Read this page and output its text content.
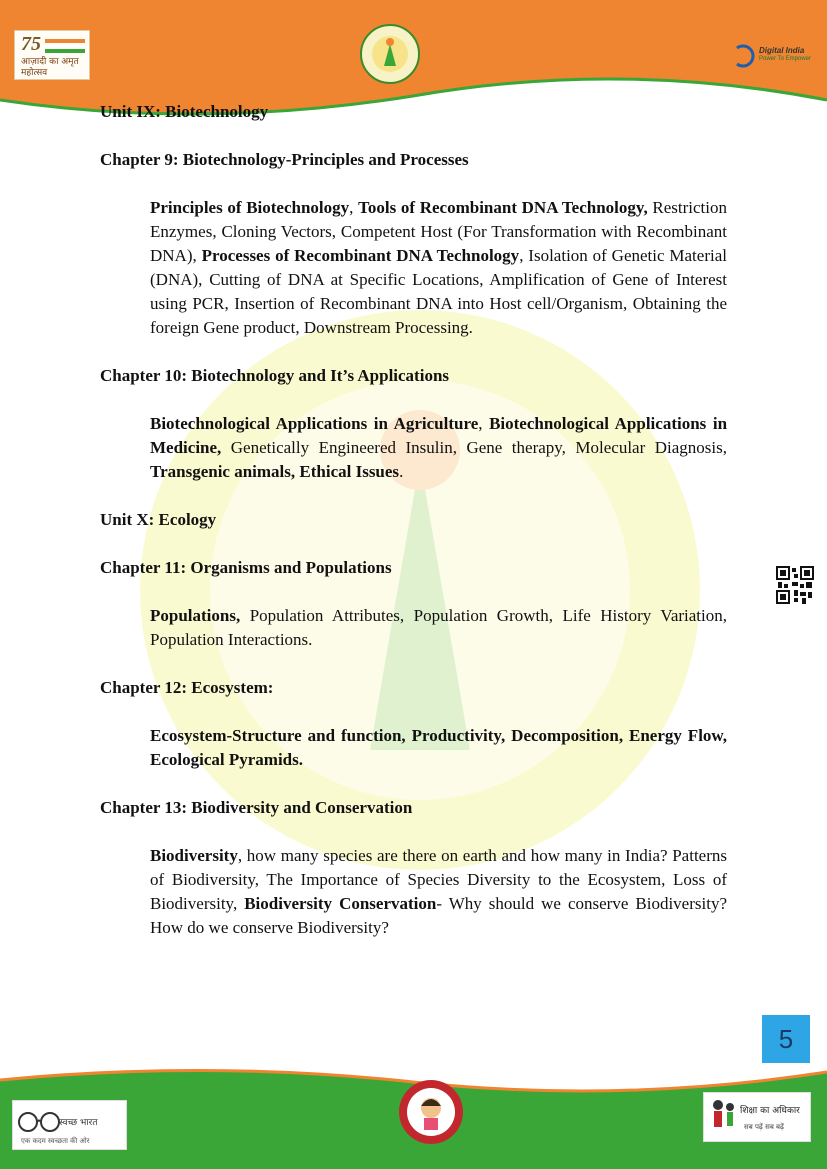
75
आज़ादी का अमृत महोत्सव
Digital India
Power To Empower

Unit IX: Biotechnology

Chapter 9: Biotechnology-Principles and Processes

Principles of Biotechnology, Tools of Recombinant DNA Technology, Restriction Enzymes, Cloning Vectors, Competent Host (For Transformation with Recombinant DNA), Processes of Recombinant DNA Technology, Isolation of Genetic Material (DNA), Cutting of DNA at Specific Locations, Amplification of Gene of Interest using PCR, Insertion of Recombinant DNA into Host cell/Organism, Obtaining the foreign Gene product, Downstream Processing.

Chapter 10: Biotechnology and It’s Applications

Biotechnological Applications in Agriculture, Biotechnological Applications in Medicine, Genetically Engineered Insulin, Gene therapy, Molecular Diagnosis, Transgenic animals, Ethical Issues.

Unit X: Ecology

Chapter 11: Organisms and Populations

Populations, Population Attributes, Population Growth, Life History Variation, Population Interactions.

Chapter 12: Ecosystem:

Ecosystem-Structure and function, Productivity, Decomposition, Energy Flow, Ecological Pyramids.

Chapter 13: Biodiversity and Conservation

Biodiversity, how many species are there on earth and how many in India? Patterns of Biodiversity, The Importance of Species Diversity to the Ecosystem, Loss of Biodiversity, Biodiversity Conservation- Why should we conserve Biodiversity? How do we conserve Biodiversity?

5
स्वच्छ भारत
एक कदम स्वच्छता की ओर
शिक्षा का अधिकार
सब पढ़ें सब बढ़ें
